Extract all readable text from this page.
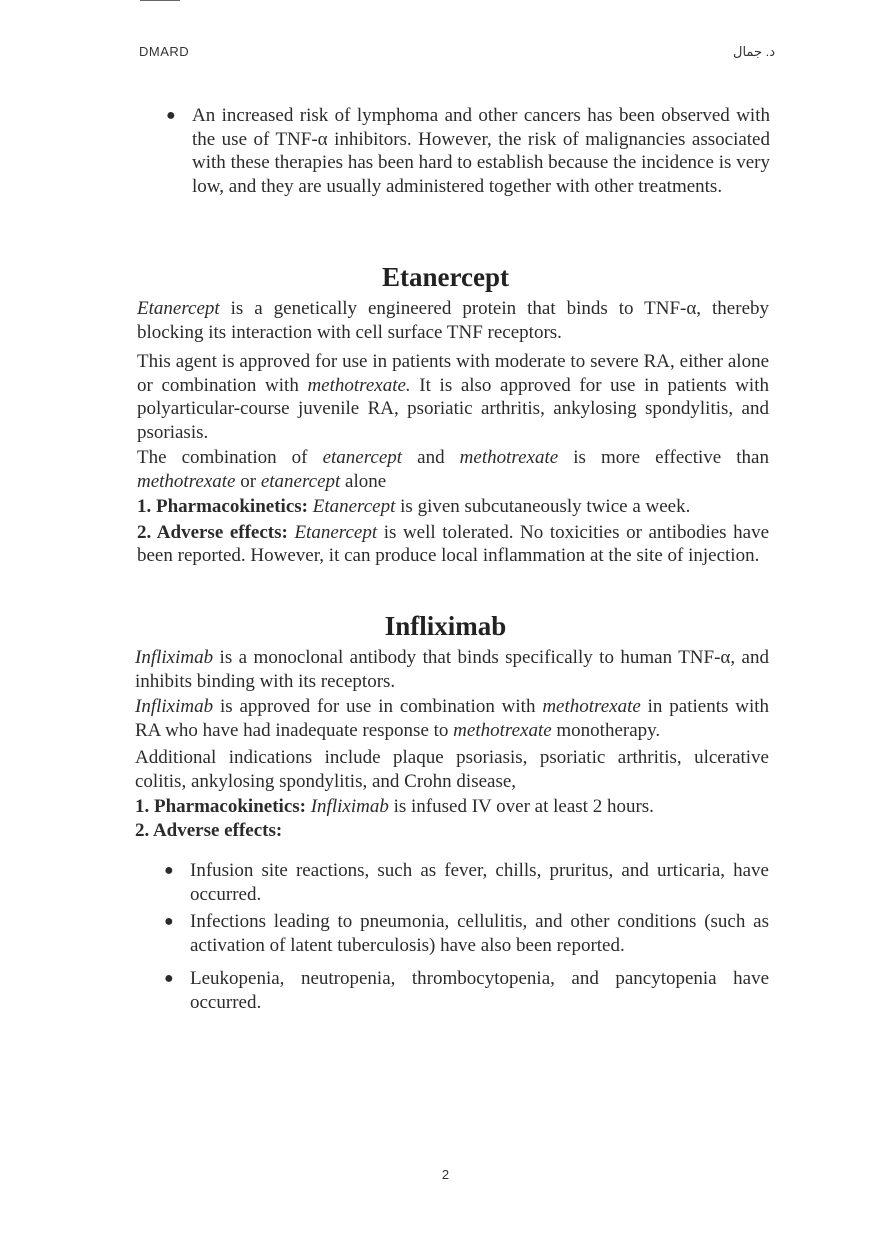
DMARD	د. جمال
● An increased risk of lymphoma and other cancers has been observed with the use of TNF-α inhibitors. However, the risk of malignancies associated with these therapies has been hard to establish because the incidence is very low, and they are usually administered together with other treatments.
Etanercept
Etanercept is a genetically engineered protein that binds to TNF-α, thereby blocking its interaction with cell surface TNF receptors.
This agent is approved for use in patients with moderate to severe RA, either alone or combination with methotrexate. It is also approved for use in patients with polyarticular-course juvenile RA, psoriatic arthritis, ankylosing spondylitis, and psoriasis.
The combination of etanercept and methotrexate is more effective than methotrexate or etanercept alone
1. Pharmacokinetics: Etanercept is given subcutaneously twice a week.
2. Adverse effects: Etanercept is well tolerated. No toxicities or antibodies have been reported. However, it can produce local inflammation at the site of injection.
Infliximab
Infliximab is a monoclonal antibody that binds specifically to human TNF-α, and inhibits binding with its receptors.
Infliximab is approved for use in combination with methotrexate in patients with RA who have had inadequate response to methotrexate monotherapy.
Additional indications include plaque psoriasis, psoriatic arthritis, ulcerative colitis, ankylosing spondylitis, and Crohn disease,
1. Pharmacokinetics: Infliximab is infused IV over at least 2 hours.
2. Adverse effects:
● Infusion site reactions, such as fever, chills, pruritus, and urticaria, have occurred.
● Infections leading to pneumonia, cellulitis, and other conditions (such as activation of latent tuberculosis) have also been reported.
● Leukopenia, neutropenia, thrombocytopenia, and pancytopenia have occurred.
2
